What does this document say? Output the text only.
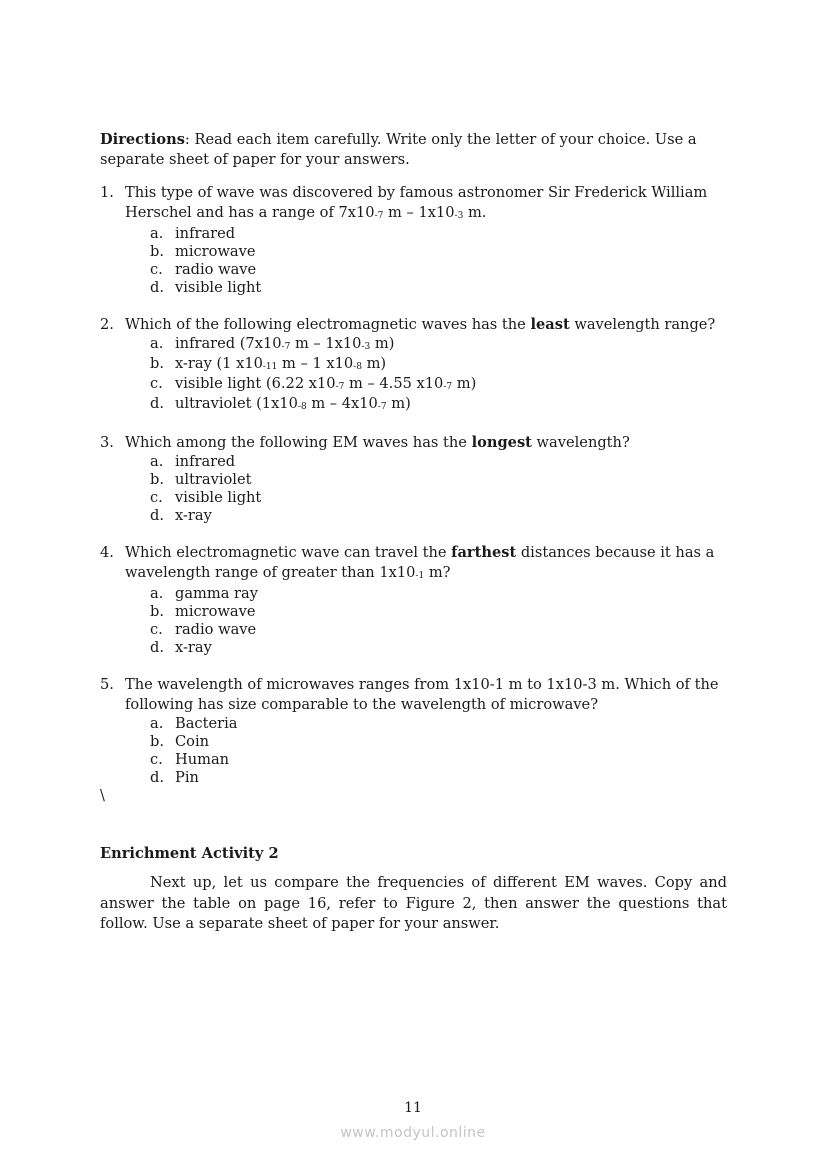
Directions: Read each item carefully. Write only the letter of your choice. Use a separate sheet of paper for your answers.

1. This type of wave was discovered by famous astronomer Sir Frederick William Herschel and has a range of $7x10_{-7}$ m – $1x10_{-3}$ m.
a. infrared
b. microwave
c. radio wave
d. visible light
2. Which of the following electromagnetic waves has the least wavelength range?
a. infrared ($7x10_{-7}$ m – $1x10_{-3}$ m)
b. x-ray (1 $x10_{-11}$ m – 1 $x10_{-8}$ m)
c. visible light (6.22 $x10_{-7}$ m – 4.55 $x10_{-7}$ m)
d. ultraviolet ($1x10_{-8}$ m – $4x10_{-7}$ m)
3. Which among the following EM waves has the longest wavelength?
a. infrared
b. ultraviolet
c. visible light
d. x-ray
4. Which electromagnetic wave can travel the farthest distances because it has a wavelength range of greater than $1x10_{-1}$ m?
a. gamma ray
b. microwave
c. radio wave
d. x-ray
5. The wavelength of microwaves ranges from 1x10-1 m to 1x10-3 m. Which of the following has size comparable to the wavelength of microwave?
a. Bacteria
b. Coin
c. Human
d. Pin
\
Enrichment Activity 2

Next up, let us compare the frequencies of different EM waves. Copy and answer the table on page 16, refer to Figure 2, then answer the questions that follow. Use a separate sheet of paper for your answer.

11
www.modyul.online
